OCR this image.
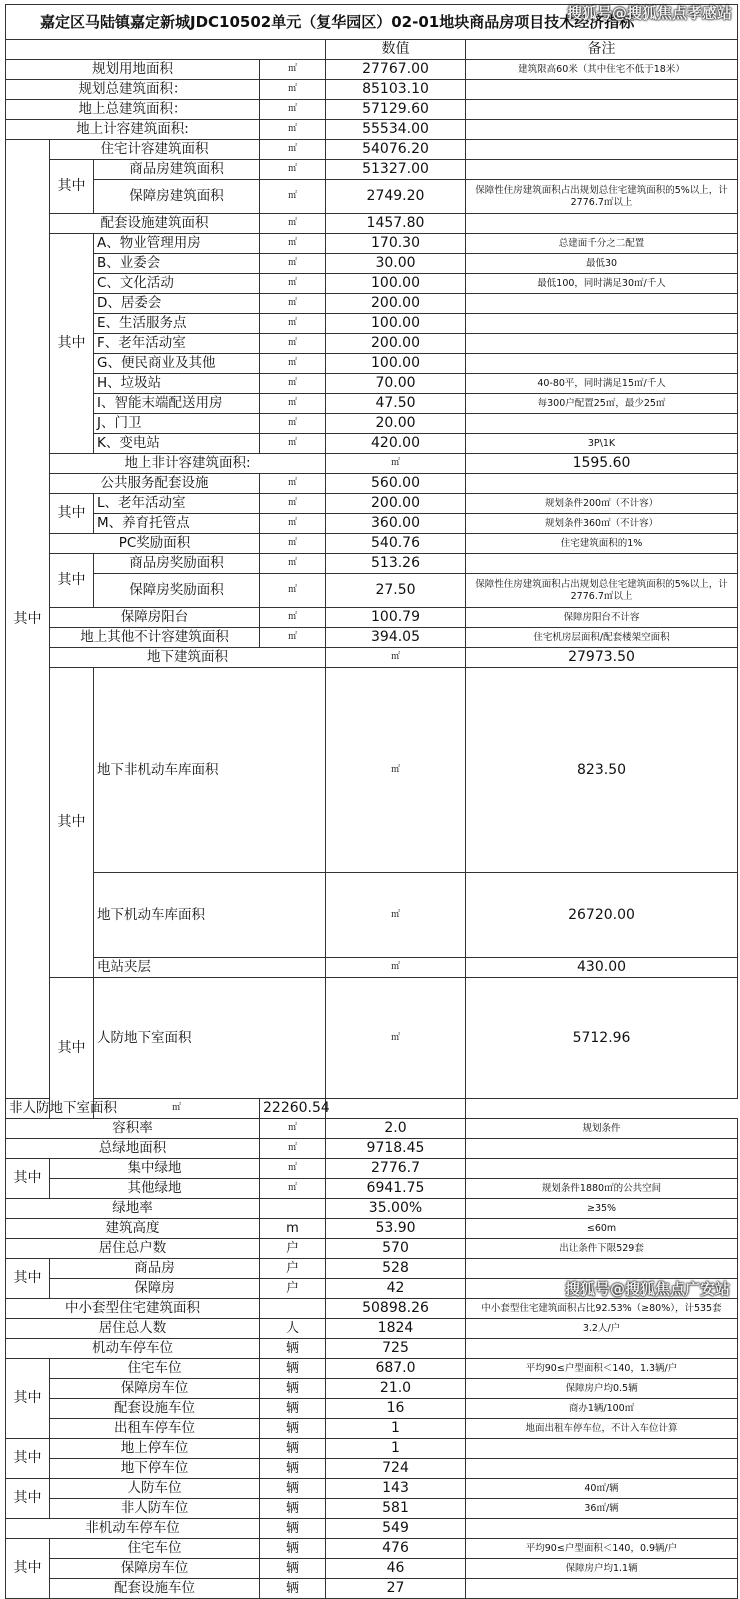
嘉定区马陆镇嘉定新城JDC10502单元（复华园区）02-01地块商品房项目技术经济指标						
				数值	备注	
规划用地面积			㎡	27767.00	建筑限高60米（其中住宅不低于18米）	
规划总建筑面积：			㎡	85103.10		
地上总建筑面积：			㎡	57129.60		
地上计容建筑面积:			㎡	55534.00		
其中	住宅计容建筑面积		㎡	54076.20		
	其中	商品房建筑面积	㎡	51327.00		
		保障房建筑面积	㎡	2749.20	保障性住房建筑面积占出规划总住宅建筑面积的5%以上，计2776.7㎡以上	
	配套设施建筑面积		㎡	1457.80		
	其中	A、物业管理用房	㎡	170.30	总建面千分之二配置	
		B、业委会	㎡	30.00	最低30	
		C、文化活动	㎡	100.00	最低100，同时满足30㎡/千人	
		D、居委会	㎡	200.00		
		E、生活服务点	㎡	100.00		
		F、老年活动室	㎡	200.00		
		G、便民商业及其他	㎡	100.00		
		H、垃圾站	㎡	70.00	40-80平，同时满足15㎡/千人	
		I、智能末端配送用房	㎡	47.50	每300户配置25㎡，最少25㎡	
		J、门卫	㎡	20.00		
		K、变电站	㎡	420.00	3P\1K	
	地上非计容建筑面积:			㎡	1595.60	
	公共服务配套设施		㎡	560.00		
	其中	L、老年活动室	㎡	200.00	规划条件200㎡（不计容）	
		M、养育托管点	㎡	360.00	规划条件360㎡（不计容）	
	PC奖励面积		㎡	540.76	住宅建筑面积的1%	
	其中	商品房奖励面积	㎡	513.26		
		保障房奖励面积	㎡	27.50	保障性住房建筑面积占出规划总住宅建筑面积的5%以上，计2776.7㎡以上	
	保障房阳台		㎡	100.79	保障房阳台不计容	
	地上其他不计容建筑面积		㎡	394.05	住宅机房层面积/配套楼架空面积	
	地下建筑面积			㎡	27973.50	
	其中	地下非机动车库面积		㎡	823.50	
		地下机动车库面积		㎡	26720.00	
		电站夹层		㎡	430.00	
	其中	人防地下室面积		㎡	5712.96	
非人防地下室面积		㎡	22260.54			
容积率			㎡	2.0	规划条件	
总绿地面积			㎡	9718.45		
其中	集中绿地		㎡	2776.7		
	其他绿地		㎡	6941.75	规划条件1880㎡的公共空间	
绿地率				35.00%	≥35%	
建筑高度			m	53.90	≤60m	
居住总户数			户	570	出让条件下限529套	
其中	商品房		户	528		
	保障房		户	42		
中小套型住宅建筑面积				50898.26	中小套型住宅建筑面积占比92.53%（≥80%），计535套	
居住总人数			人	1824	3.2人/户	
机动车停车位			辆	725		
其中	住宅车位		辆	687.0	平均90≤户型面积＜140，1.3辆/户	
	保障房车位		辆	21.0	保障房户均0.5辆	
	配套设施车位		辆	16	商办1辆/100㎡	
	出租车停车位		辆	1	地面出租车停车位，不计入车位计算	
其中	地上停车位		辆	1		
	地下停车位		辆	724		
其中	人防车位		辆	143	40㎡/辆	
	非人防车位		辆	581	36㎡/辆	
非机动车停车位			辆	549		
其中	住宅车位		辆	476	平均90≤户型面积＜140，0.9辆/户	
	保障房车位		辆	46	保障房户均1.1辆	
	配套设施车位		辆	27		
搜狐号@搜狐焦点孝感站
搜狐号@搜狐焦点广安站
